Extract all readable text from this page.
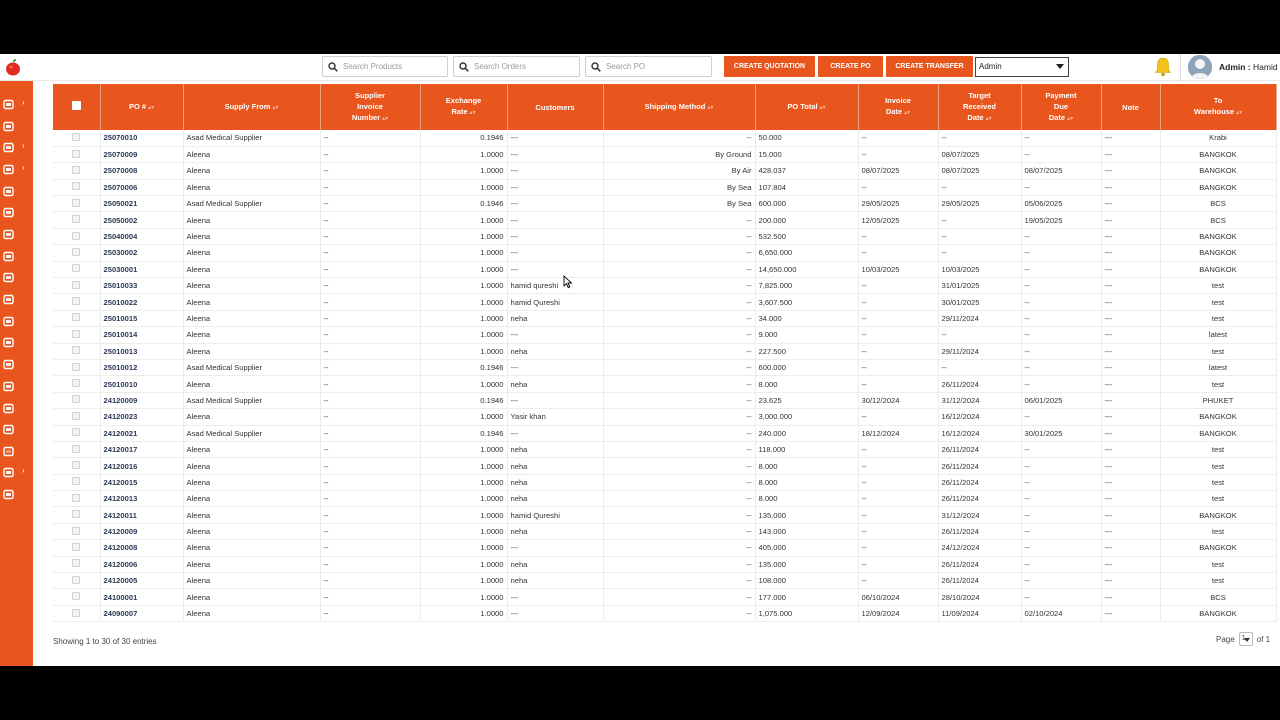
Search Products
Search Orders
Search PO
CREATE QUOTATION	CREATE PO	CREATE TRANSFER	Admin	Admin : Hamid
›
›
›
›
	PO # ▴▾	Supply From ▴▾	Supplier
Invoice
Number ▴▾	Exchange
Rate ▴▾	Customers	Shipping Method ▴▾	PO Total ▴▾	Invoice
Date ▴▾	Target
Received
Date ▴▾	Payment
Due
Date ▴▾	Note	To
Warehouse ▴▾
	25070010	Asad Medical Supplier	--	0.1946	---	--	50.000	--	--	--	---	Krabi
	25070009	Aleena	--	1.0000	---	By Ground	15.000	--	08/07/2025	--	---	BANGKOK
	25070008	Aleena	--	1.0000	---	By Air	428.037	08/07/2025	08/07/2025	08/07/2025	---	BANGKOK
	25070006	Aleena	--	1.0000	---	By Sea	107.804	--	--	--	---	BANGKOK
	25050021	Asad Medical Supplier	--	0.1946	---	By Sea	600.000	29/05/2025	29/05/2025	05/06/2025	---	BCS
	25050002	Aleena	--	1.0000	---	--	200.000	12/05/2025	--	19/05/2025	---	BCS
	25040004	Aleena	--	1.0000	---	--	532.500	--	--	--	---	BANGKOK
	25030002	Aleena	--	1.0000	---	--	6,650.000	--	--	--	---	BANGKOK
	25030001	Aleena	--	1.0000	---	--	14,650.000	10/03/2025	10/03/2025	--	---	BANGKOK
	25010033	Aleena	--	1.0000	hamid qureshi	--	7,825.000	--	31/01/2025	--	---	test
	25010022	Aleena	--	1.0000	hamid Qureshi	--	3,607.500	--	30/01/2025	--	---	test
	25010015	Aleena	--	1.0000	neha	--	34.000	--	29/11/2024	--	---	test
	25010014	Aleena	--	1.0000	---	--	9.000	--	--	--	---	latest
	25010013	Aleena	--	1.0000	neha	--	227.500	--	29/11/2024	--	---	test
	25010012	Asad Medical Supplier	--	0.1946	---	--	600.000	--	--	--	---	latest
	25010010	Aleena	--	1.0000	neha	--	8.000	--	26/11/2024	--	---	test
	24120009	Asad Medical Supplier	--	0.1946	---	--	23.625	30/12/2024	31/12/2024	06/01/2025	---	PHUKET
	24120023	Aleena	--	1.0000	Yasir khan	--	3,000.000	--	16/12/2024	--	---	BANGKOK
	24120021	Asad Medical Supplier	--	0.1946	---	--	240.000	18/12/2024	16/12/2024	30/01/2025	---	BANGKOK
	24120017	Aleena	--	1.0000	neha	--	118.000	--	26/11/2024	--	---	test
	24120016	Aleena	--	1.0000	neha	--	8.000	--	26/11/2024	--	---	test
	24120015	Aleena	--	1.0000	neha	--	8.000	--	26/11/2024	--	---	test
	24120013	Aleena	--	1.0000	neha	--	8.000	--	26/11/2024	--	---	test
	24120011	Aleena	--	1.0000	hamid Qureshi	--	135.000	--	31/12/2024	--	---	BANGKOK
	24120009	Aleena	--	1.0000	neha	--	143.000	--	26/11/2024	--	---	test
	24120008	Aleena	--	1.0000	---	--	405.000	--	24/12/2024	--	---	BANGKOK
	24120006	Aleena	--	1.0000	neha	--	135.000	--	26/11/2024	--	---	test
	24120005	Aleena	--	1.0000	neha	--	108.000	--	26/11/2024	--	---	test
	24100001	Aleena	--	1.0000	---	--	177.000	06/10/2024	28/10/2024	--	---	BCS
	24090007	Aleena	--	1.0000	---	--	1,075.000	12/09/2024	11/09/2024	02/10/2024	---	BANGKOK
Showing 1 to 30 of 30 entries	Page	1	of 1
